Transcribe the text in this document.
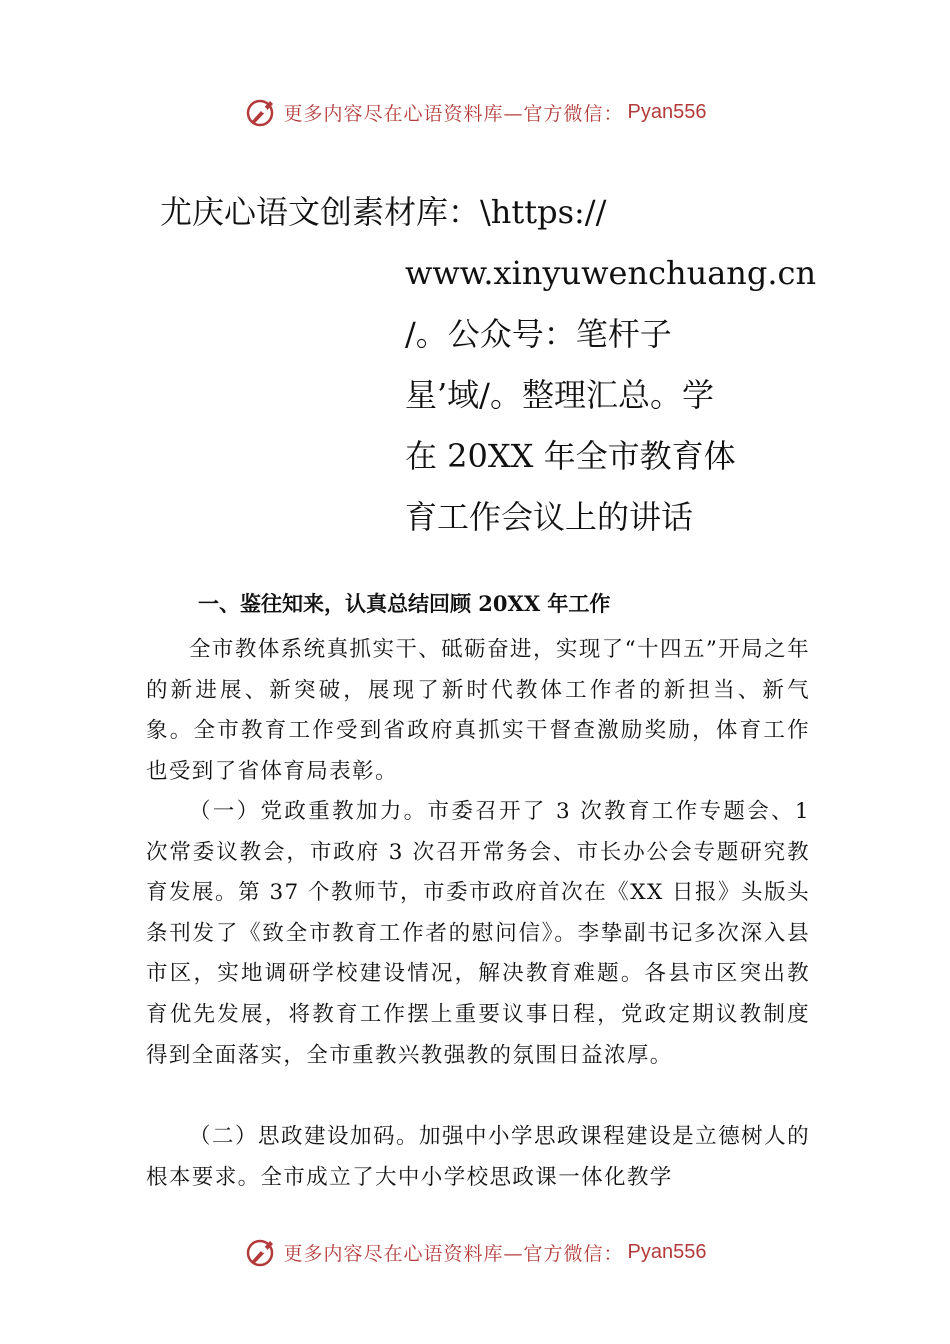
更多内容尽在心语资料库—官方微信： Pyan556
尤庆心语文创素材库：\https://
www.xinyuwenchuang.cn
/。公众号：笔杆子
星’域/。整理汇总。学
在 20XX 年全市教育体
育工作会议上的讲话
一、鉴往知来，认真总结回顾 20XX 年工作

全市教体系统真抓实干、砥砺奋进，实现了“十四五”开局之年的新进展、新突破，展现了新时代教体工作者的新担当、新气象。全市教育工作受到省政府真抓实干督查激励奖励，体育工作也受到了省体育局表彰。

（一）党政重教加力。市委召开了 3 次教育工作专题会、1 次常委议教会，市政府 3 次召开常务会、市长办公会专题研究教育发展。第 37 个教师节，市委市政府首次在《XX 日报》头版头条刊发了《致全市教育工作者的慰问信》。李挚副书记多次深入县市区，实地调研学校建设情况，解决教育难题。各县市区突出教育优先发展，将教育工作摆上重要议事日程，党政定期议教制度得到全面落实，全市重教兴教强教的氛围日益浓厚。

（二）思政建设加码。加强中小学思政课程建设是立德树人的根本要求。全市成立了大中小学校思政课一体化教学

更多内容尽在心语资料库—官方微信： Pyan556
